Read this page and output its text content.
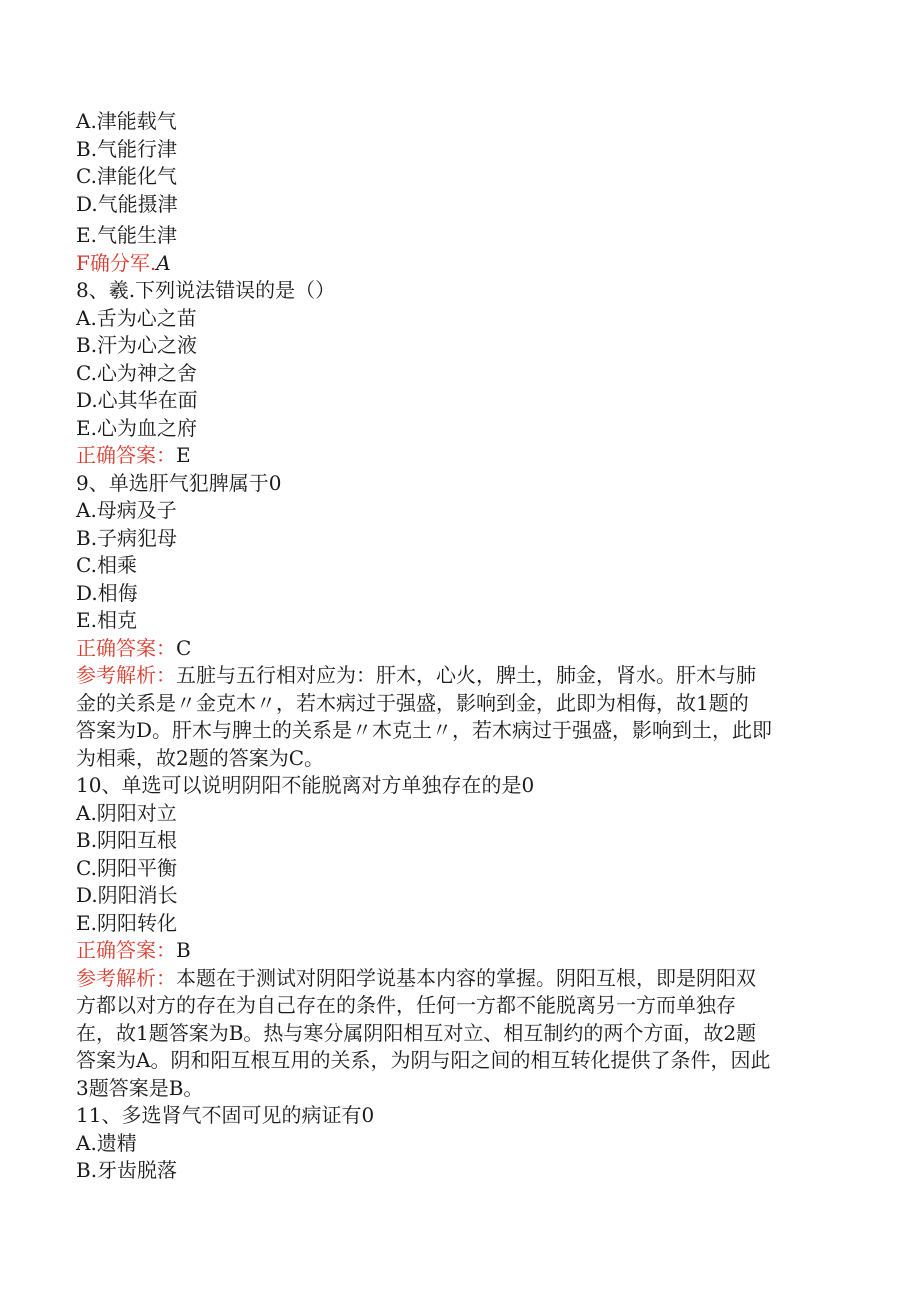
A.津能载气
B.气能行津
C.津能化气
D.气能摄津
E.气能生津
F确分军.A
8、羲.下列说法错误的是（）
A.舌为心之苗
B.汗为心之液
C.心为神之舍
D.心其华在面
E.心为血之府
正确答案：E
9、单选肝气犯脾属于0
A.母病及子
B.子病犯母
C.相乘
D.相侮
E.相克
正确答案：C
参考解析：五脏与五行相对应为：肝木，心火，脾土，肺金，肾水。肝木与肺
金的关系是〃金克木〃，若木病过于强盛，影响到金，此即为相侮，故1题的
答案为D。肝木与脾土的关系是〃木克土〃，若木病过于强盛，影响到土，此即
为相乘，故2题的答案为C。
10、单选可以说明阴阳不能脱离对方单独存在的是0
A.阴阳对立
B.阴阳互根
C.阴阳平衡
D.阴阳消长
E.阴阳转化
正确答案：B
参考解析：本题在于测试对阴阳学说基本内容的掌握。阴阳互根，即是阴阳双
方都以对方的存在为自己存在的条件，任何一方都不能脱离另一方而单独存
在，故1题答案为B。热与寒分属阴阳相互对立、相互制约的两个方面，故2题
答案为A。阴和阳互根互用的关系，为阴与阳之间的相互转化提供了条件，因此
3题答案是B。
11、多选肾气不固可见的病证有0
A.遗精
B.牙齿脱落
